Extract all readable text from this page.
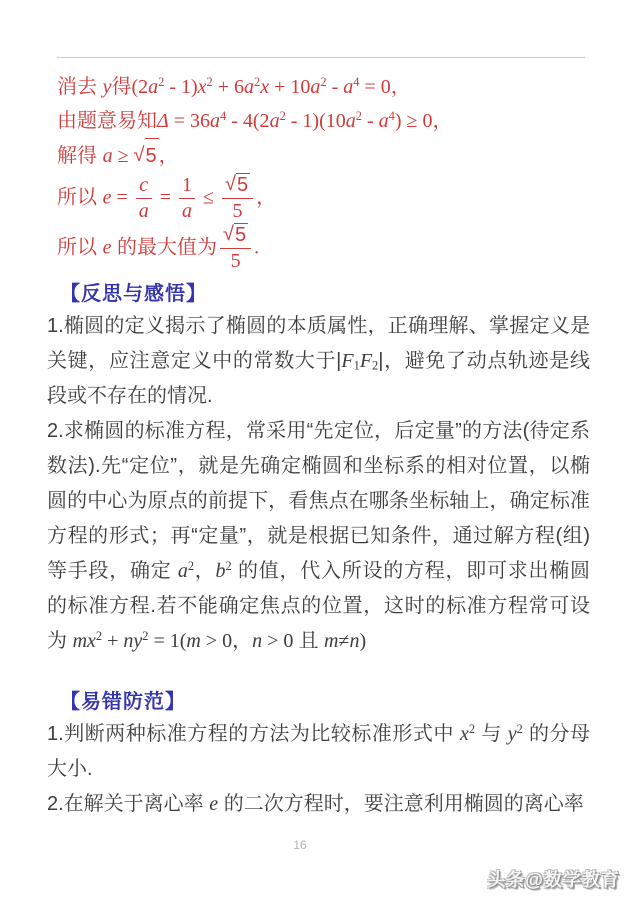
消去 y得$(2a^2 - 1)x^2 + 6a^2x + 10a^2 - a^4 = 0$，

由题意易知$\Delta = 36a^4 - 4(2a^2 - 1)(10a^2 - a^4) \ge 0$，

解得 a ≥ √5 ，

所以 $e = \frac{c}{a} = \frac{1}{a} \le \frac{√5}{5}$ ，

所以 e 的最大值为 $\frac{√5}{5}$ .

【反思与感悟】

1.椭圆的定义揭示了椭圆的本质属性，正确理解、掌握定义是关键，应注意定义中的常数大于|F1F2|，避免了动点轨迹是线段或不存在的情况.

2.求椭圆的标准方程，常采用“先定位，后定量”的方法(待定系数法).先“定位”，就是先确定椭圆和坐标系的相对位置，以椭圆的中心为原点的前提下，看焦点在哪条坐标轴上，确定标准方程的形式；再“定量”，就是根据已知条件，通过解方程(组)等手段，确定 $a^2$，$b^2$ 的值，代入所设的方程，即可求出椭圆的标准方程.若不能确定焦点的位置，这时的标准方程常可设为 $mx^2 + ny^2 = 1(m > 0$，n > 0 且 m≠n)

【易错防范】

1.判断两种标准方程的方法为比较标准形式中 $x^2$ 与 $y^2$ 的分母大小.

2.在解关于离心率 e 的二次方程时，要注意利用椭圆的离心率

16
头条@数学教育
